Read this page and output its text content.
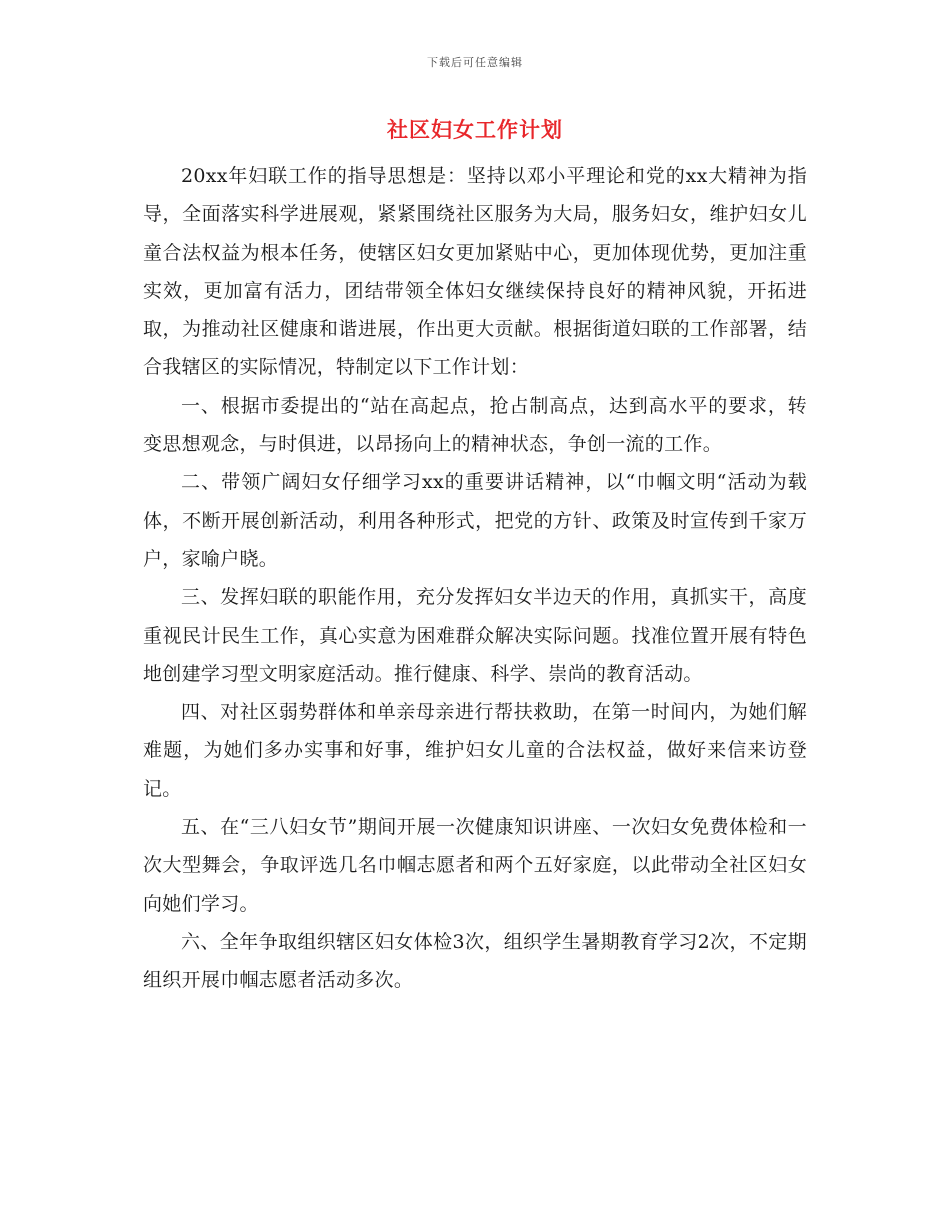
下载后可任意编辑
社区妇女工作计划

20xx年妇联工作的指导思想是：坚持以邓小平理论和党的xx大精神为指导，全面落实科学进展观，紧紧围绕社区服务为大局，服务妇女，维护妇女儿童合法权益为根本任务，使辖区妇女更加紧贴中心，更加体现优势，更加注重实效，更加富有活力，团结带领全体妇女继续保持良好的精神风貌，开拓进取，为推动社区健康和谐进展，作出更大贡献。根据街道妇联的工作部署，结合我辖区的实际情况，特制定以下工作计划：

一、根据市委提出的“站在高起点，抢占制高点，达到高水平的要求，转变思想观念，与时俱进，以昂扬向上的精神状态，争创一流的工作。

二、带领广阔妇女仔细学习xx的重要讲话精神，以“巾帼文明“活动为载体，不断开展创新活动，利用各种形式，把党的方针、政策及时宣传到千家万户，家喻户晓。

三、发挥妇联的职能作用，充分发挥妇女半边天的作用，真抓实干，高度重视民计民生工作，真心实意为困难群众解决实际问题。找准位置开展有特色地创建学习型文明家庭活动。推行健康、科学、崇尚的教育活动。

四、对社区弱势群体和单亲母亲进行帮扶救助，在第一时间内，为她们解难题，为她们多办实事和好事，维护妇女儿童的合法权益，做好来信来访登记。

五、在“三八妇女节”期间开展一次健康知识讲座、一次妇女免费体检和一次大型舞会，争取评选几名巾帼志愿者和两个五好家庭，以此带动全社区妇女向她们学习。

六、全年争取组织辖区妇女体检3次，组织学生暑期教育学习2次，不定期组织开展巾帼志愿者活动多次。
